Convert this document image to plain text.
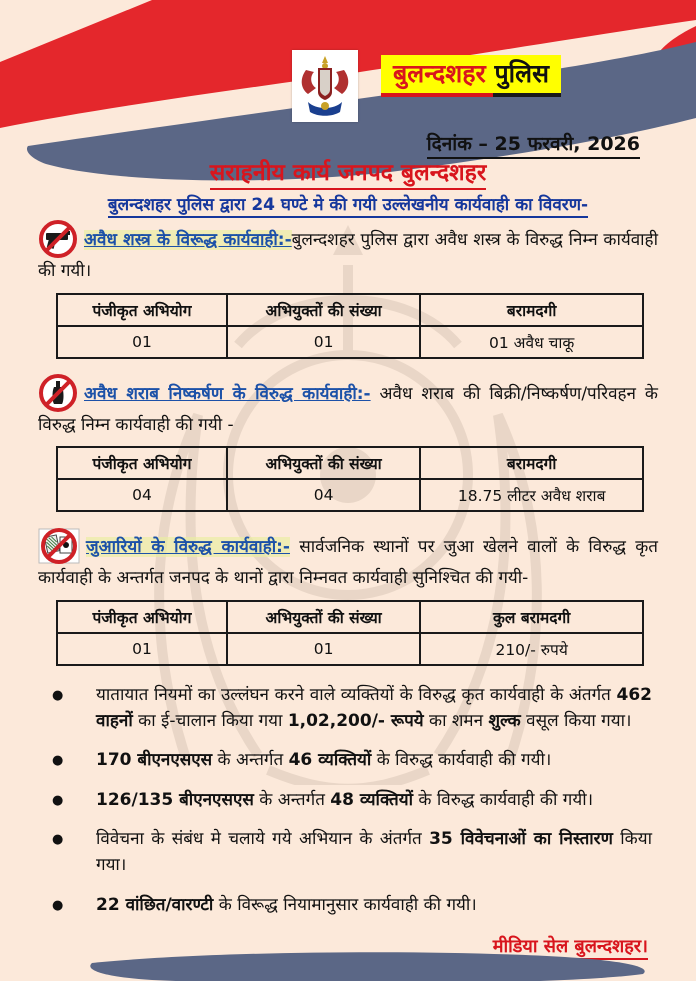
बुलन्दशहर पुलिस
दिनांक – 25 फरवरी, 2026
सराहनीय कार्य जनपद बुलन्दशहर

बुलन्दशहर पुलिस द्वारा 24 घण्टे मे की गयी उल्लेखनीय कार्यवाही का विवरण-

अवैध शस्त्र के विरूद्ध कार्यवाही:-बुलन्दशहर पुलिस द्वारा अवैध शस्त्र के विरुद्ध निम्न कार्यवाही की गयी।
पंजीकृत अभियोग	अभियुक्तों की संख्या	बरामदगी
01	01	01 अवैध चाकू
अवैध शराब निष्कर्षण के विरुद्ध कार्यवाही:- अवैध शराब की बिक्री/निष्कर्षण/परिवहन के विरुद्ध निम्न कार्यवाही की गयी -
पंजीकृत अभियोग	अभियुक्तों की संख्या	बरामदगी
04	04	18.75 लीटर अवैध शराब
जुआरियों के विरुद्ध कार्यवाही:- सार्वजनिक स्थानों पर जुआ खेलने वालों के विरुद्ध कृत कार्यवाही के अन्तर्गत जनपद के थानों द्वारा निम्नवत कार्यवाही सुनिश्चित की गयी-
पंजीकृत अभियोग	अभियुक्तों की संख्या	कुल बरामदगी
01	01	210/- रुपये
●	यातायात नियमों का उल्लंघन करने वाले व्यक्तियों के विरुद्ध कृत कार्यवाही के अंतर्गत 462 वाहनों का ई-चालान किया गया 1,02,200/- रूपये का शमन शुल्क वसूल किया गया।
●	170 बीएनएसएस के अन्तर्गत 46 व्यक्तियों के विरुद्ध कार्यवाही की गयी।
●	126/135 बीएनएसएस के अन्तर्गत 48 व्यक्तियों के विरुद्ध कार्यवाही की गयी।
●	विवेचना के संबंध मे चलाये गये अभियान के अंतर्गत 35 विवेचनाओं का निस्तारण किया गया।
●	22 वांछित/वारण्टी के विरूद्ध नियामानुसार कार्यवाही की गयी।
मीडिया सेल बुलन्दशहर।
